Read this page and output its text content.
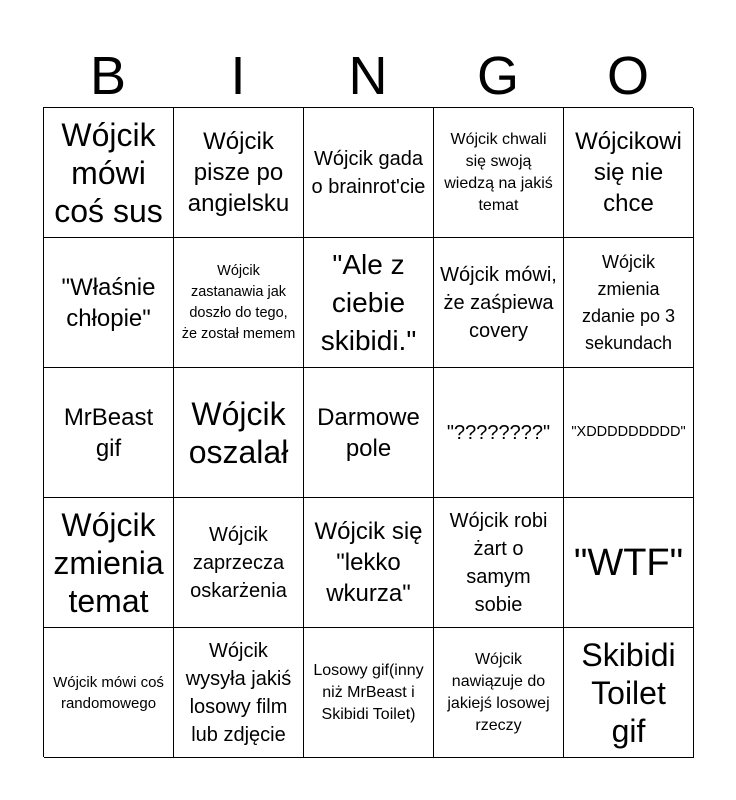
B	I	N	G	O
Wójcik mówi coś sus
Wójcik pisze po angielsku
Wójcik gada o brainrot'cie
Wójcik chwali się swoją wiedzą na jakiś temat
Wójcikowi się nie chce
"Właśnie chłopie"
Wójcik zastanawia jak doszło do tego, że został memem
"Ale z ciebie skibidi."
Wójcik mówi, że zaśpiewa covery
Wójcik zmienia zdanie po 3 sekundach
MrBeast gif
Wójcik oszalał
Darmowe pole
"????????" "XDDDDDDDDD"
Wójcik zmienia temat
Wójcik zaprzecza oskarżenia
Wójcik się "lekko wkurza"
Wójcik robi żart o samym sobie
"WTF"
Wójcik mówi coś randomowego
Wójcik wysyła jakiś losowy film lub zdjęcie
Losowy gif(inny niż MrBeast i Skibidi Toilet)
Wójcik nawiązuje do jakiejś losowej rzeczy
Skibidi Toilet gif
